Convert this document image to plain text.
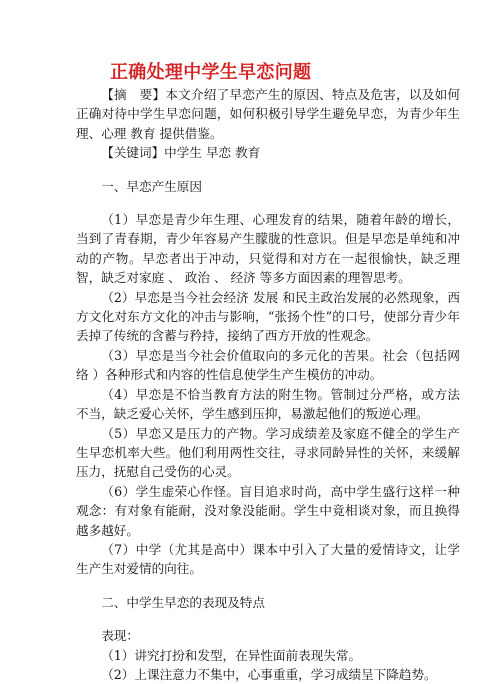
正确处理中学生早恋问题

【摘　要】本文介绍了早恋产生的原因、特点及危害，以及如何正确对待中学生早恋问题，如何积极引导学生避免早恋，为青少年生理、心理 教育 提供借鉴。

【关键词】中学生 早恋 教育

一、早恋产生原因

（1）早恋是青少年生理、心理发育的结果，随着年龄的增长，当到了青春期，青少年容易产生朦胧的性意识。但是早恋是单纯和冲动的产物。早恋者出于冲动，只觉得和对方在一起很愉快，缺乏理智，缺乏对家庭 、 政治 、 经济 等多方面因素的理智思考。

（2）早恋是当今社会经济 发展 和民主政治发展的必然现象，西方文化对东方文化的冲击与影响，“张扬个性”的口号，使部分青少年丢掉了传统的含蓄与矜持，接纳了西方开放的性观念。

（3）早恋是当今社会价值取向的多元化的苦果。社会（包括网络 ）各种形式和内容的性信息使学生产生模仿的冲动。

（4）早恋是不恰当教育方法的附生物。管制过分严格，或方法不当，缺乏爱心关怀，学生感到压抑，易激起他们的叛逆心理。

（5）早恋又是压力的产物。学习成绩差及家庭不健全的学生产生早恋机率大些。他们利用两性交往，寻求同龄异性的关怀，来缓解压力，抚慰自己受伤的心灵。

（6）学生虚荣心作怪。盲目追求时尚，高中学生盛行这样一种观念：有对象有能耐，没对象没能耐。学生中竟相谈对象，而且换得越多越好。

（7）中学（尤其是高中）课本中引入了大量的爱情诗文，让学生产生对爱情的向往。

二、中学生早恋的表现及特点

表现：

（1）讲究打扮和发型，在异性面前表现失常。

（2）上课注意力不集中，心事重重，学习成绩呈下降趋势。
